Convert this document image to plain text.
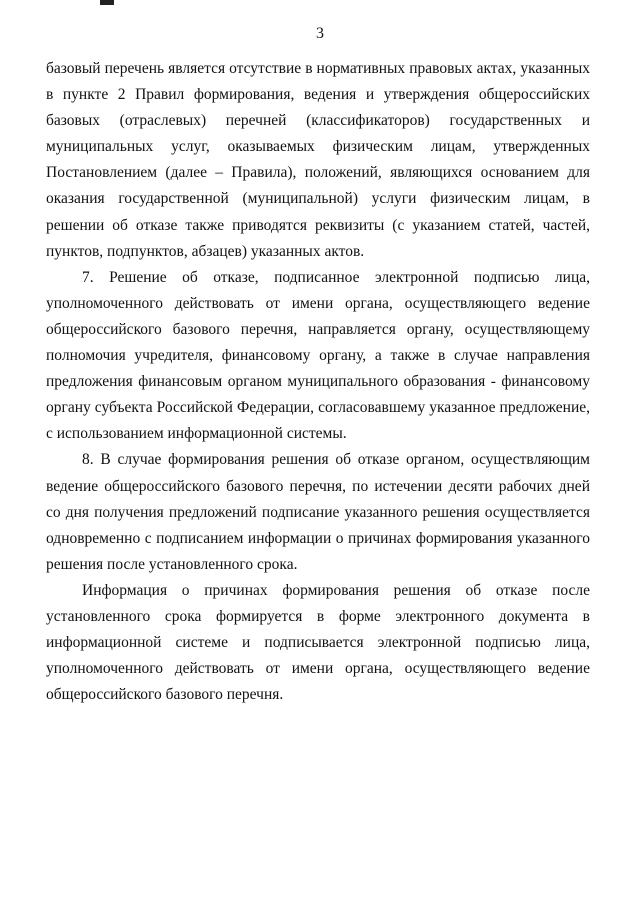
3

базовый перечень является отсутствие в нормативных правовых актах, указанных в пункте 2 Правил формирования, ведения и утверждения общероссийских базовых (отраслевых) перечней (классификаторов) государственных и муниципальных услуг, оказываемых физическим лицам, утвержденных Постановлением (далее – Правила), положений, являющихся основанием для оказания государственной (муниципальной) услуги физическим лицам, в решении об отказе также приводятся реквизиты (с указанием статей, частей, пунктов, подпунктов, абзацев) указанных актов.

7. Решение об отказе, подписанное электронной подписью лица, уполномоченного действовать от имени органа, осуществляющего ведение общероссийского базового перечня, направляется органу, осуществляющему полномочия учредителя, финансовому органу, а также в случае направления предложения финансовым органом муниципального образования - финансовому органу субъекта Российской Федерации, согласовавшему указанное предложение, с использованием информационной системы.

8. В случае формирования решения об отказе органом, осуществляющим ведение общероссийского базового перечня, по истечении десяти рабочих дней со дня получения предложений подписание указанного решения осуществляется одновременно с подписанием информации о причинах формирования указанного решения после установленного срока.

Информация о причинах формирования решения об отказе после установленного срока формируется в форме электронного документа в информационной системе и подписывается электронной подписью лица, уполномоченного действовать от имени органа, осуществляющего ведение общероссийского базового перечня.
